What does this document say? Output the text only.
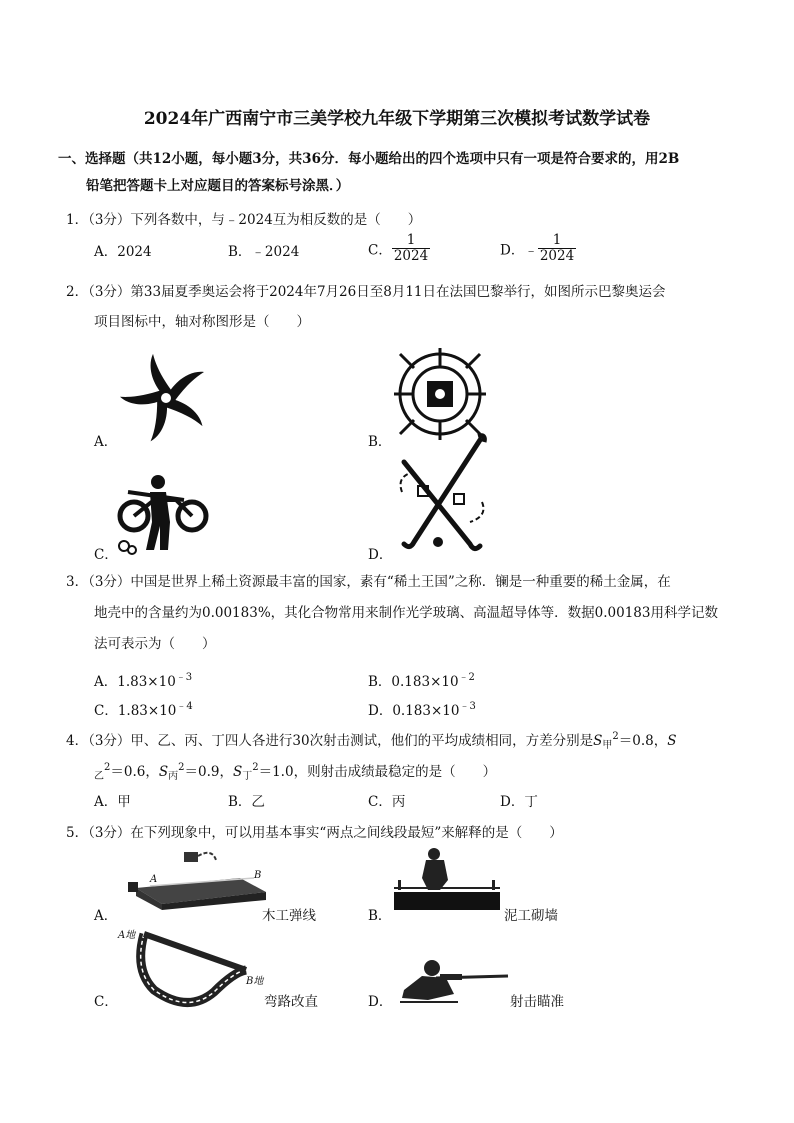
2024年广西南宁市三美学校九年级下学期第三次模拟考试数学试卷
一、选择题（共12小题，每小题3分，共36分．每小题给出的四个选项中只有一项是符合要求的，用2B
铅笔把答题卡上对应题目的答案标号涂黑．）
1．（3分）下列各数中，与﹣2024互为相反数的是（　　）
A．2024	B．﹣2024	C． $\frac{1}{2024}$	D．﹣ $\frac{1}{2024}$
2．（3分）第33届夏季奥运会将于2024年7月26日至8月11日在法国巴黎举行，如图所示巴黎奥运会
项目图标中，轴对称图形是（　　）
A．	B．
C．	D．
3．（3分）中国是世界上稀土资源最丰富的国家，素有“稀土王国”之称．镧是一种重要的稀土金属，在
地壳中的含量约为0.00183%，其化合物常用来制作光学玻璃、高温超导体等．数据0.00183用科学记数
法可表示为（　　）
A．$1.83\times 10^{﹣3}$	B．$0.183\times 10^{﹣2}$
C．$1.83\times 10^{﹣4}$	D．$0.183\times 10^{﹣3}$
4．（3分）甲、乙、丙、丁四人各进行30次射击测试，他们的平均成绩相同，方差分别是$S_甲^2=0.8$，S
$_乙^2$＝0.6，$S_丙^2=0.9$，$S_丁^2=1.0$，则射击成绩最稳定的是（　　）
A．甲	B．乙	C．丙	D．丁
5．（3分）在下列现象中，可以用基本事实“两点之间线段最短”来解释的是（　　）
A．
A	B
木工弹线	B．	泥工砌墙
C．
A地
B地
弯路改直	D．	射击瞄准
